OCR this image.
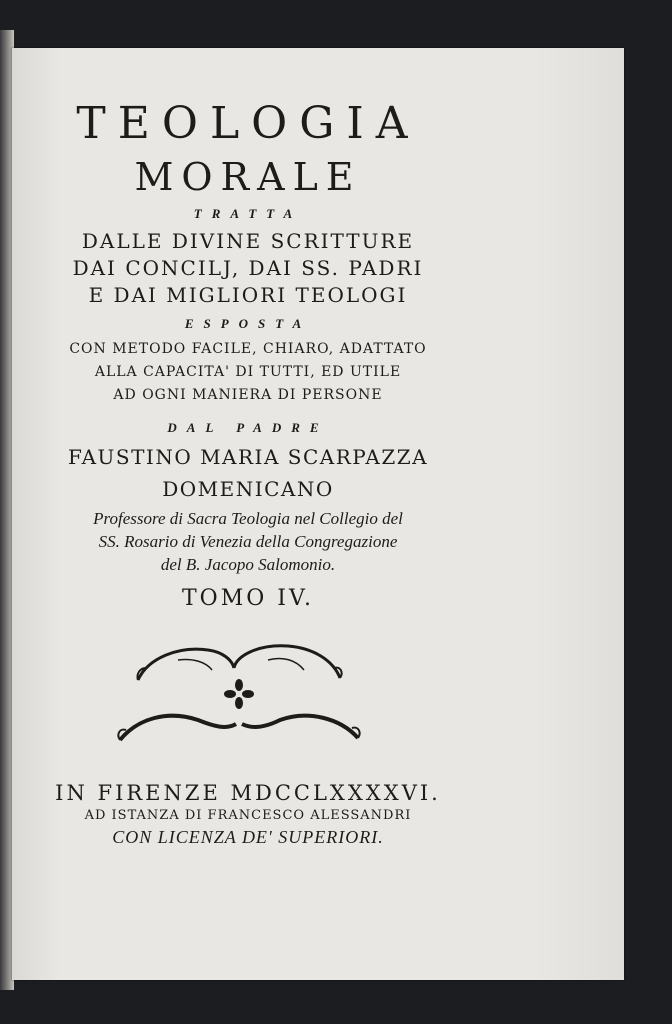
TEOLOGIA
MORALE
TRATTA
DALLE DIVINE SCRITTURE
DAI CONCILJ, DAI SS. PADRI
E DAI MIGLIORI TEOLOGI
ESPOSTA
CON METODO FACILE, CHIARO, ADATTATO
ALLA CAPACITA' DI TUTTI, ED UTILE
AD OGNI MANIERA DI PERSONE
DAL PADRE
FAUSTINO MARIA SCARPAZZA
DOMENICANO
Professore di Sacra Teologia nel Collegio del
SS. Rosario di Venezia della Congregazione
del B. Jacopo Salomonio.
TOMO IV.
IN FIRENZE MDCCLXXXXVI.
AD ISTANZA DI FRANCESCO ALESSANDRI
CON LICENZA DE' SUPERIORI.
